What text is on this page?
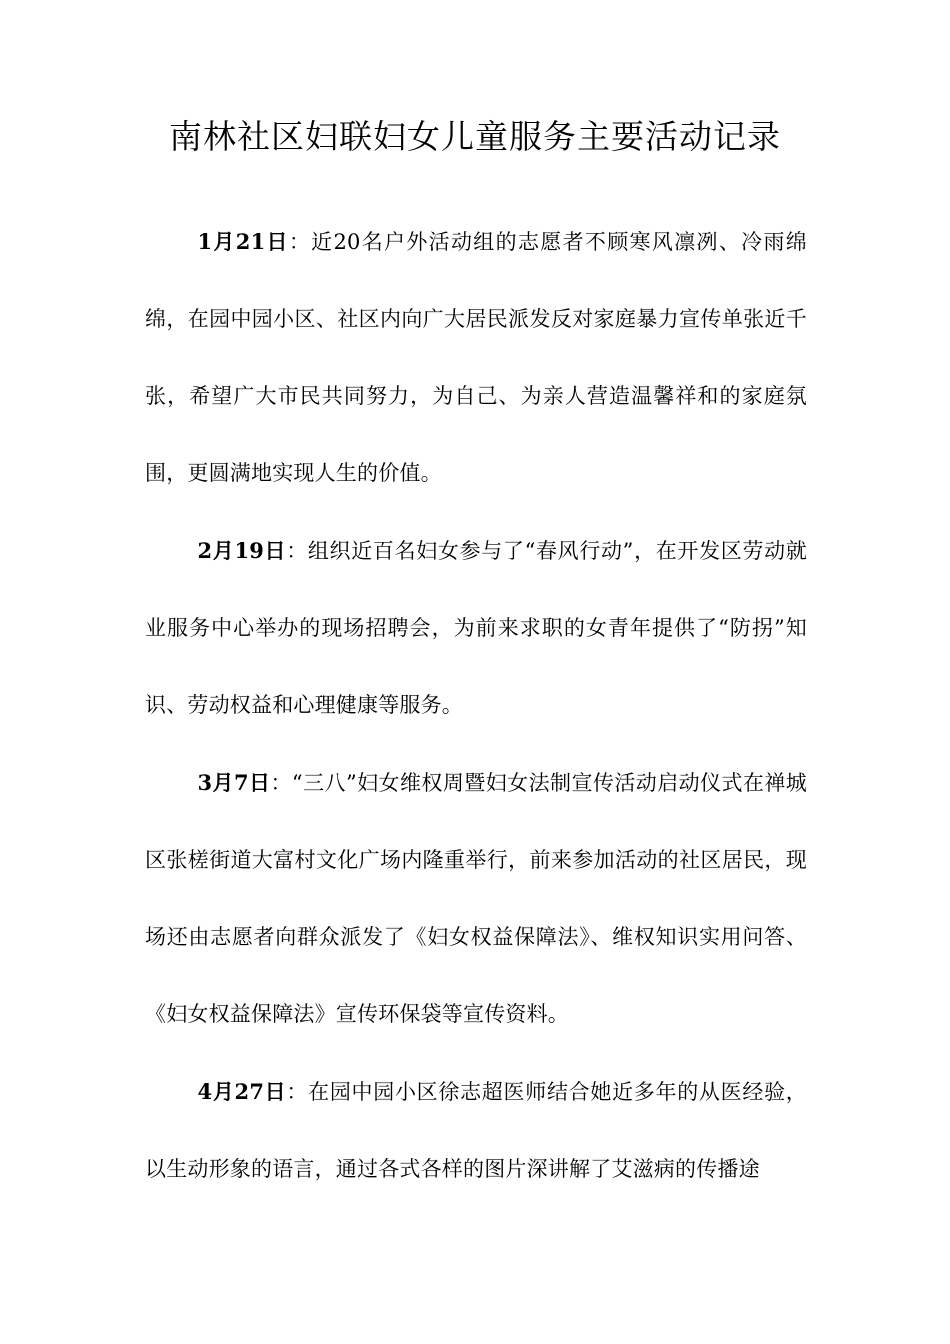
南林社区妇联妇女儿童服务主要活动记录

1月21日：近20名户外活动组的志愿者不顾寒风凛冽、冷雨绵绵，在园中园小区、社区内向广大居民派发反对家庭暴力宣传单张近千张，希望广大市民共同努力，为自己、为亲人营造温馨祥和的家庭氛围，更圆满地实现人生的价值。

2月19日：组织近百名妇女参与了“春风行动”，在开发区劳动就业服务中心举办的现场招聘会，为前来求职的女青年提供了“防拐”知识、劳动权益和心理健康等服务。

3月7日：“三八”妇女维权周暨妇女法制宣传活动启动仪式在禅城区张槎街道大富村文化广场内隆重举行，前来参加活动的社区居民，现场还由志愿者向群众派发了《妇女权益保障法》、维权知识实用问答、《妇女权益保障法》宣传环保袋等宣传资料。

4月27日：在园中园小区徐志超医师结合她近多年的从医经验，以生动形象的语言，通过各式各样的图片深讲解了艾滋病的传播途
